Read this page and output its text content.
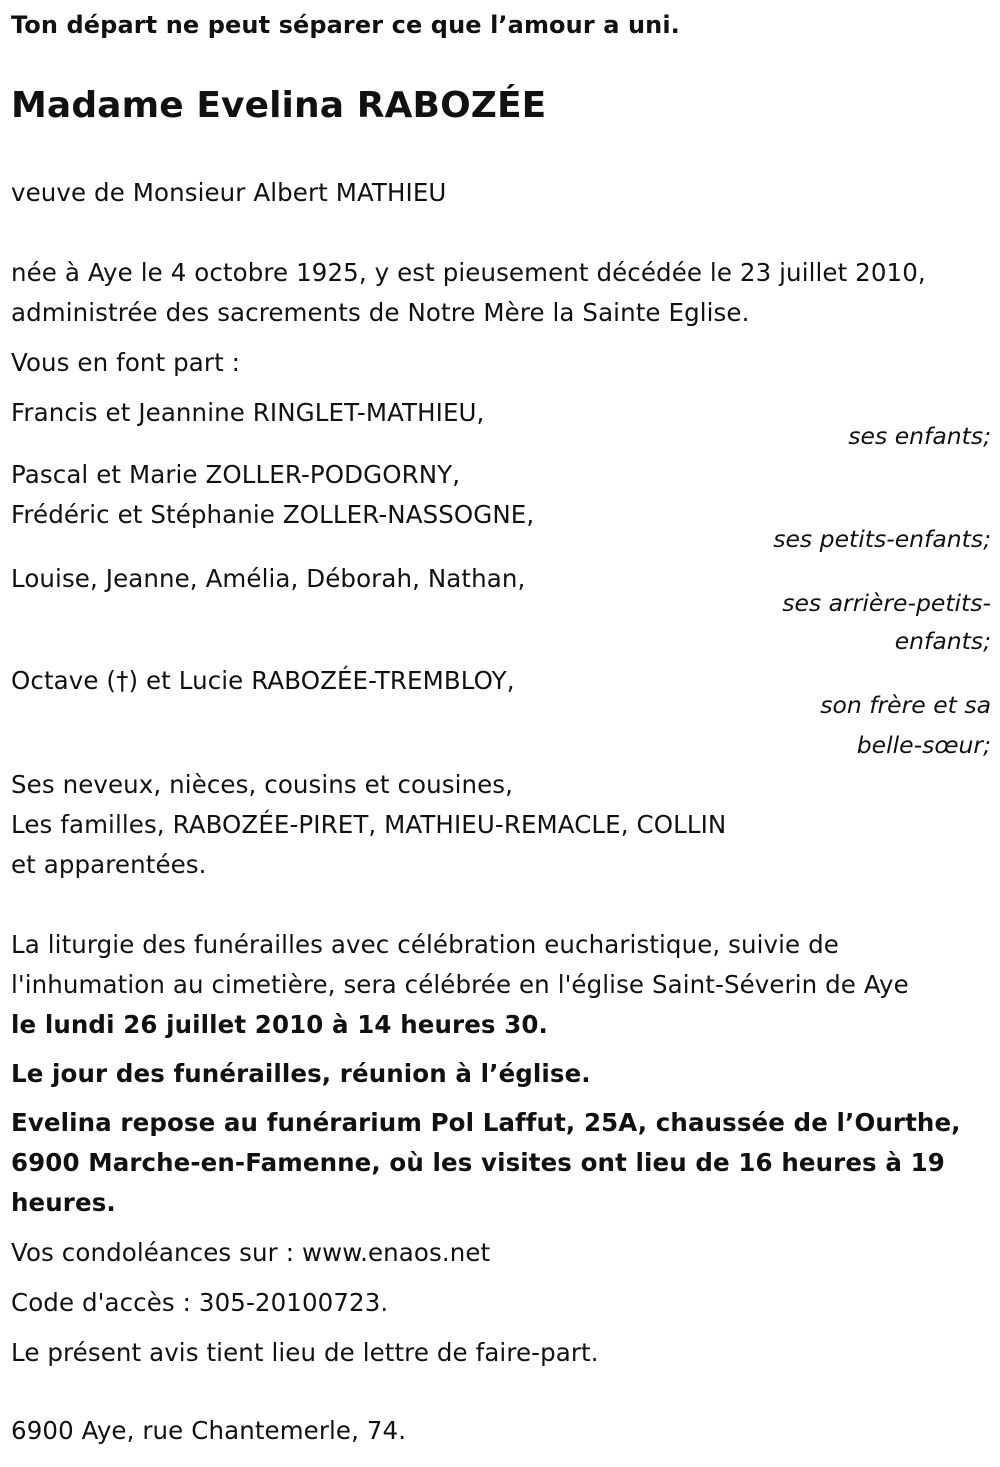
Ton départ ne peut séparer ce que l’amour a uni.
Madame Evelina RABOZÉE
veuve de Monsieur Albert MATHIEU
née à Aye le 4 octobre 1925, y est pieusement décédée le 23 juillet 2010,
administrée des sacrements de Notre Mère la Sainte Eglise.
Vous en font part :
Francis et Jeannine RINGLET-MATHIEU,
ses enfants;
Pascal et Marie ZOLLER-PODGORNY,
Frédéric et Stéphanie ZOLLER-NASSOGNE,
ses petits-enfants;
Louise, Jeanne, Amélia, Déborah, Nathan,
ses arrière-petits-
enfants;
Octave (†) et Lucie RABOZÉE-TREMBLOY,
son frère et sa
belle-sœur;
Ses neveux, nièces, cousins et cousines,
Les familles, RABOZÉE-PIRET, MATHIEU-REMACLE, COLLIN
et apparentées.
La liturgie des funérailles avec célébration eucharistique, suivie de
l'inhumation au cimetière, sera célébrée en l'église Saint-Séverin de Aye
le lundi 26 juillet 2010 à 14 heures 30.
Le jour des funérailles, réunion à l’église.
Evelina repose au funérarium Pol Laffut, 25A, chaussée de l’Ourthe,
6900 Marche-en-Famenne, où les visites ont lieu de 16 heures à 19
heures.
Vos condoléances sur : www.enaos.net
Code d'accès : 305-20100723.
Le présent avis tient lieu de lettre de faire-part.
6900 Aye, rue Chantemerle, 74.
